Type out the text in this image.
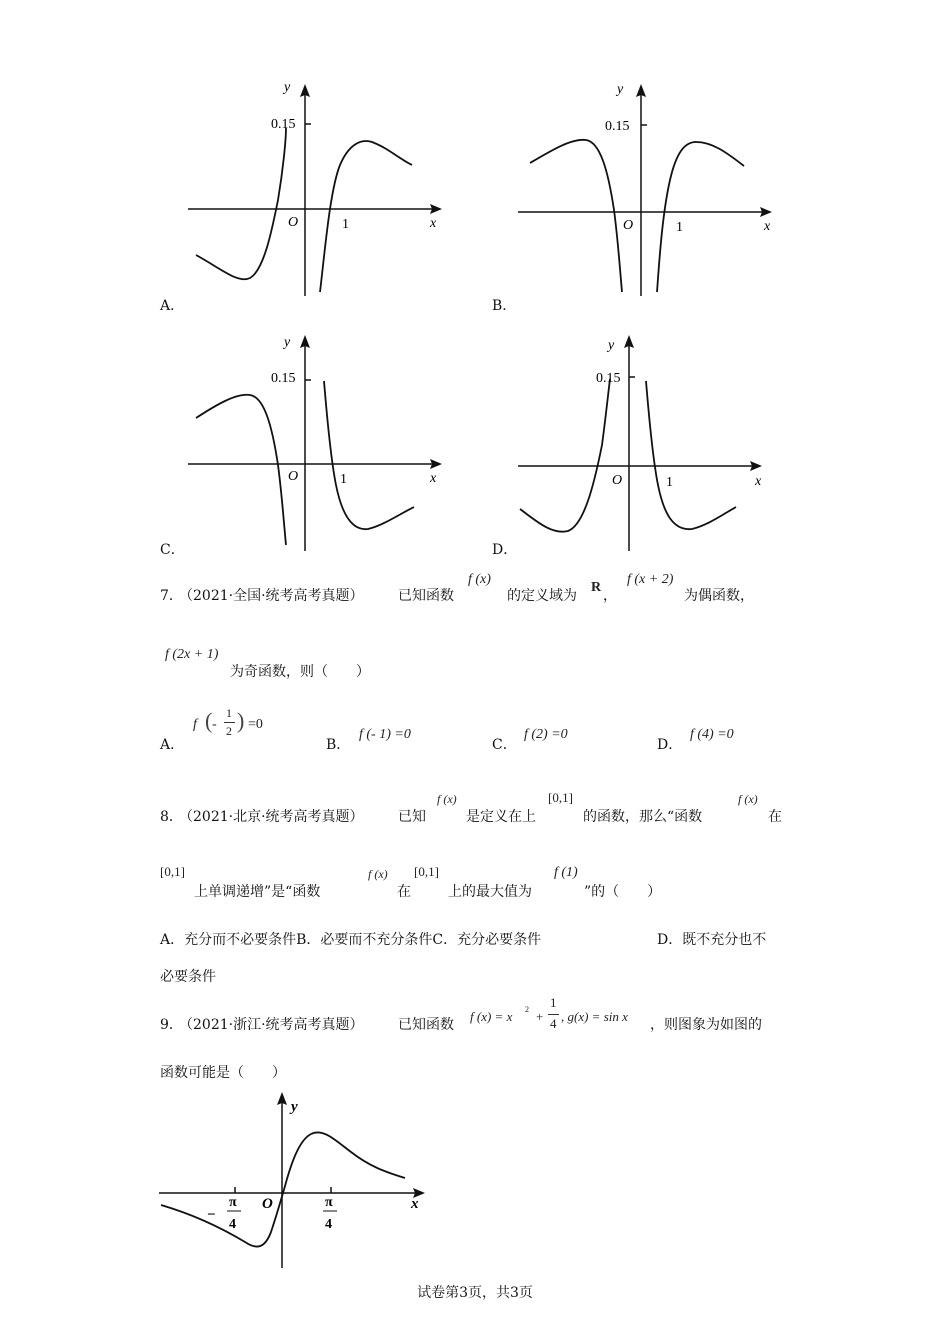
y
0.15
O	1	x
A．
y
0.15
O	1	x
B．
y
0.15
O	1	x
C．
y
0.15
O	1	x
D．
7．
（2021·全国·统考高考真题） 已知函数
f (x)
的定义域为
R
，
f (x + 2)
为偶函数，
f (2x + 1)
为奇函数，则（　　）
A．
f ( -
1
2 ) =0
B．
f (- 1) =0
C．
f (2) =0
D．
f (4) =0
8．
（2021·北京·统考高考真题） 已知
f (x)
是定义在上
[0,1]
的函数，那么“函数
f (x)
在
[0,1]
上单调递增”是“函数
f (x)
在
[0,1]
上的最大值为
f (1)
”的（　　）
A．充分而不必要条件B．必要而不充分条件C．充分必要条件	D．既不充分也不
必要条件
9．
（2021·浙江·统考高考真题） 已知函数
f (x) = x 2 +
1
4 , g(x) = sin x
，则图象为如图的
函数可能是（　　）
y
x
O
−
π
4
π
4
试卷第3页，共3页
